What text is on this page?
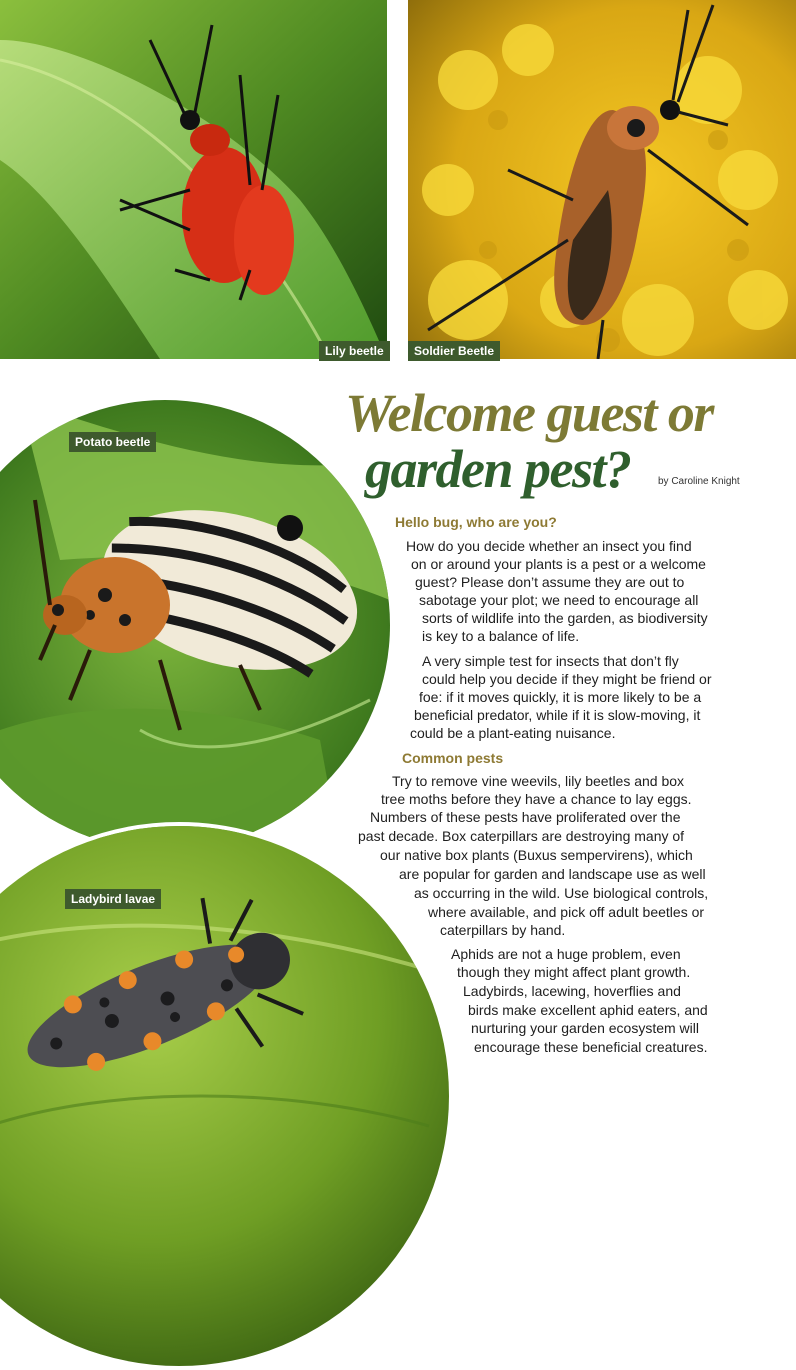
Lily beetle	Soldier Beetle
Potato beetle
Ladybird lavae
Welcome guest or
garden pest?	by Caroline Knight
Hello bug, who are you?
How do you decide whether an insect you find
on or around your plants is a pest or a welcome
guest? Please don’t assume they are out to
sabotage your plot; we need to encourage all
sorts of wildlife into the garden, as biodiversity
is key to a balance of life.
A very simple test for insects that don’t fly
could help you decide if they might be friend or
foe: if it moves quickly, it is more likely to be a
beneficial predator, while if it is slow-moving, it
could be a plant-eating nuisance.
Common pests
Try to remove vine weevils, lily beetles and box
tree moths before they have a chance to lay eggs.
Numbers of these pests have proliferated over the
past decade. Box caterpillars are destroying many of
our native box plants (Buxus sempervirens), which
are popular for garden and landscape use as well
as occurring in the wild. Use biological controls,
where available, and pick off adult beetles or
caterpillars by hand.
Aphids are not a huge problem, even
though they might affect plant growth.
Ladybirds, lacewing, hoverflies and
birds make excellent aphid eaters, and
nurturing your garden ecosystem will
encourage these beneficial creatures.
